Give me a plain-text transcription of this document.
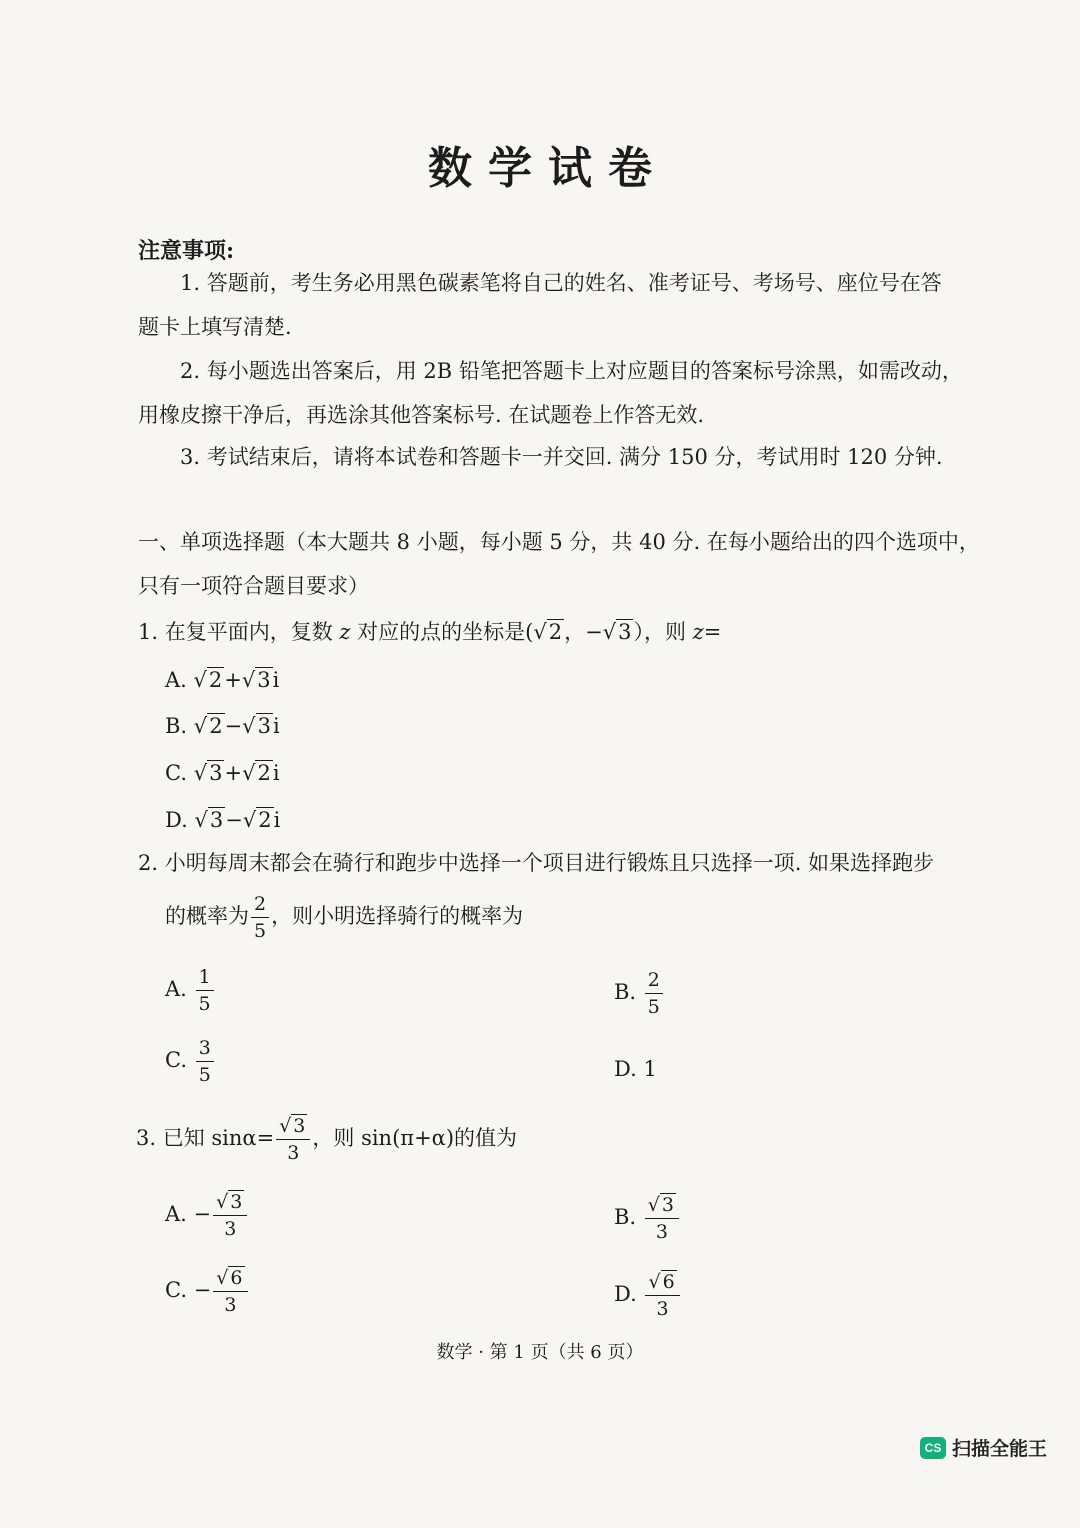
数学试卷
注意事项:
1. 答题前，考生务必用黑色碳素笔将自己的姓名、准考证号、考场号、座位号在答
题卡上填写清楚.
2. 每小题选出答案后，用 2B 铅笔把答题卡上对应题目的答案标号涂黑，如需改动，
用橡皮擦干净后，再选涂其他答案标号. 在试题卷上作答无效.
3. 考试结束后，请将本试卷和答题卡一并交回. 满分 150 分，考试用时 120 分钟.
一、单项选择题（本大题共 8 小题，每小题 5 分，共 40 分. 在每小题给出的四个选项中，
只有一项符合题目要求）
1. 在复平面内，复数 z 对应的点的坐标是(√2，−√3），则 z=
A. √2+√3i
B. √2−√3i
C. √3+√2i
D. √3−√2i
2. 小明每周末都会在骑行和跑步中选择一个项目进行锻炼且只选择一项. 如果选择跑步
的概率为 $\frac{2}{5}$ ，则小明选择骑行的概率为
A. $\frac{1}{5}$	B. $\frac{2}{5}$
C. $\frac{3}{5}$	D. 1
3. 已知 $\sin\alpha= \frac{√ 3}{3}$ ，则 sin(π+α)的值为
A. − $\frac{√ 3}{3}$	B. $\frac{√ 3}{3}$
C. − $\frac{√ 6}{3}$	D. $\frac{√ 6}{3}$
数学 · 第 1 页（共 6 页）
CS 扫描全能王
